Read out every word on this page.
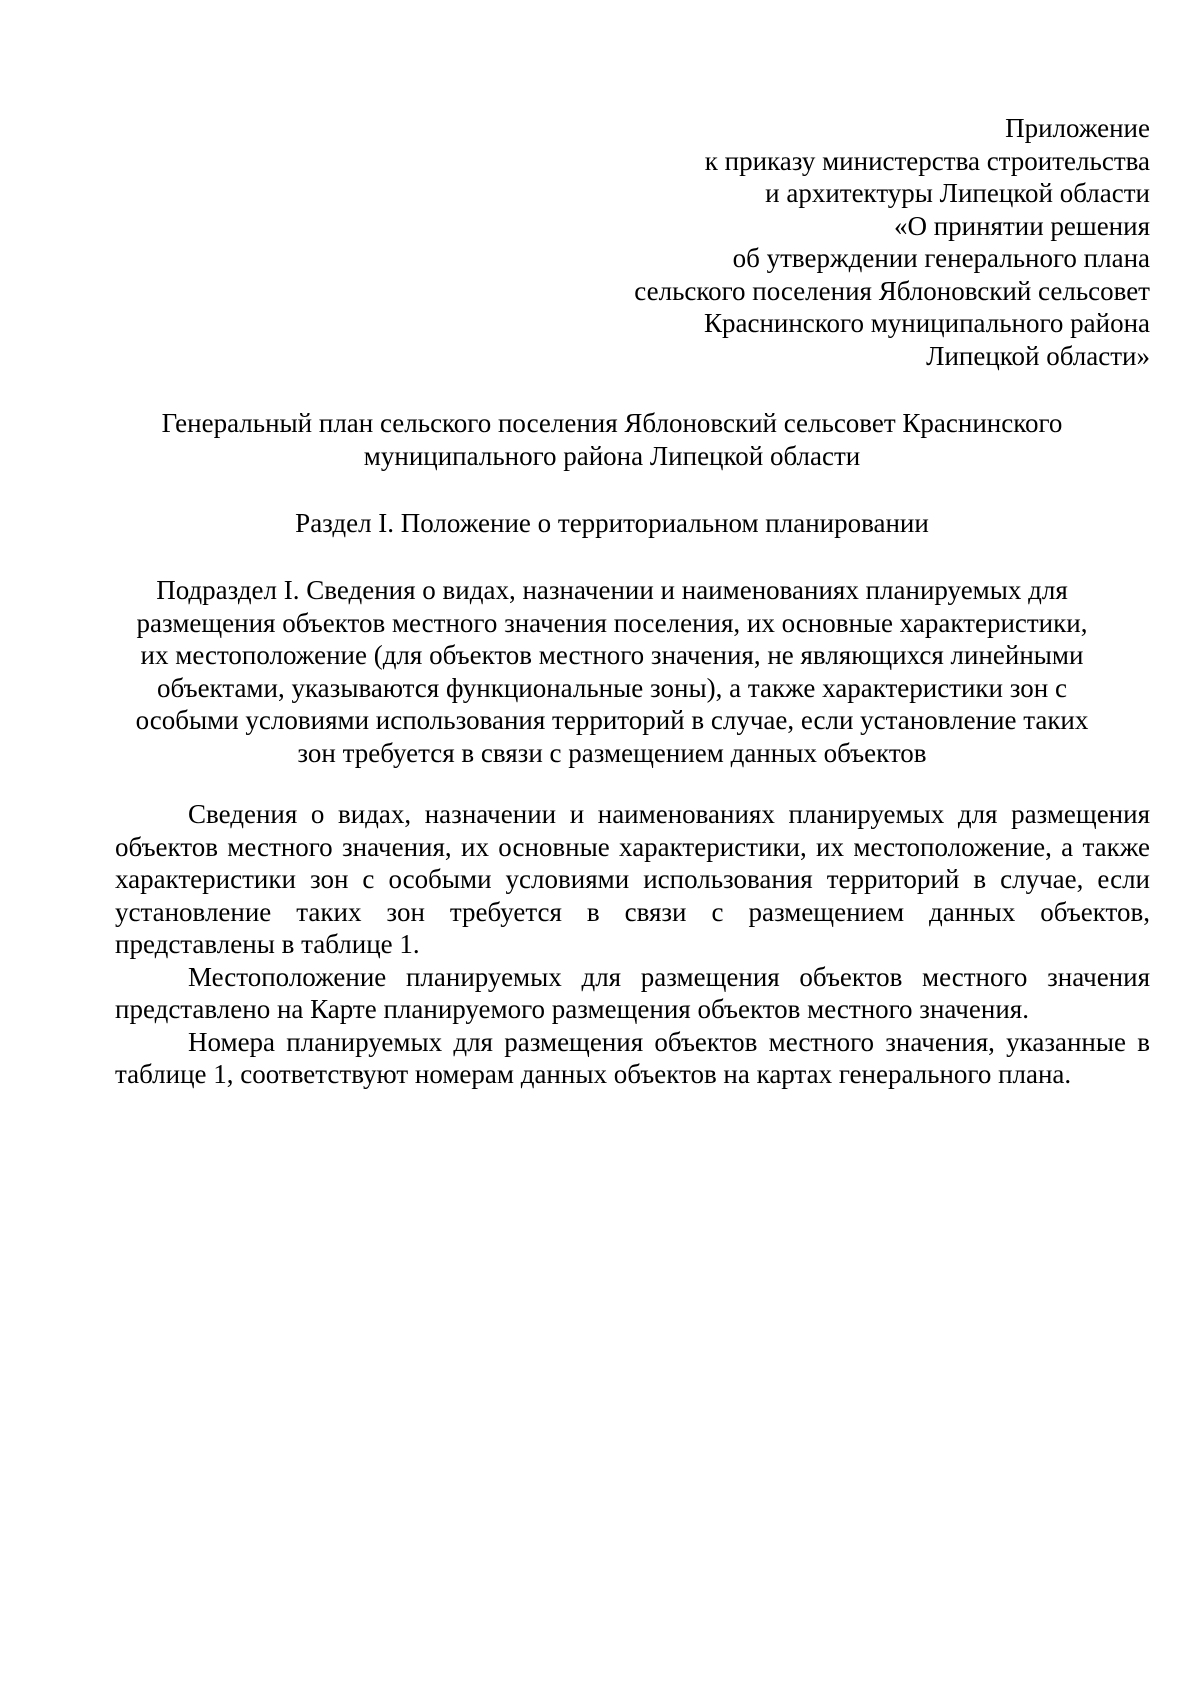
Приложение
к приказу министерства строительства
и архитектуры Липецкой области
«О принятии решения
об утверждении генерального плана
сельского поселения Яблоновский сельсовет
Краснинского муниципального района
Липецкой области»
Генеральный план сельского поселения Яблоновский сельсовет Краснинского
муниципального района Липецкой области
Раздел I. Положение о территориальном планировании
Подраздел I. Сведения о видах, назначении и наименованиях планируемых для
размещения объектов местного значения поселения, их основные характеристики,
их местоположение (для объектов местного значения, не являющихся линейными
объектами, указываются функциональные зоны), а также характеристики зон с
особыми условиями использования территорий в случае, если установление таких
зон требуется в связи с размещением данных объектов

Сведения о видах, назначении и наименованиях планируемых для размещения объектов местного значения, их основные характеристики, их местоположение, а также характеристики зон с особыми условиями использования территорий в случае, если установление таких зон требуется в связи с размещением данных объектов, представлены в таблице 1.

Местоположение планируемых для размещения объектов местного значения представлено на Карте планируемого размещения объектов местного значения.

Номера планируемых для размещения объектов местного значения, указанные в таблице 1, соответствуют номерам данных объектов на картах генерального плана.
